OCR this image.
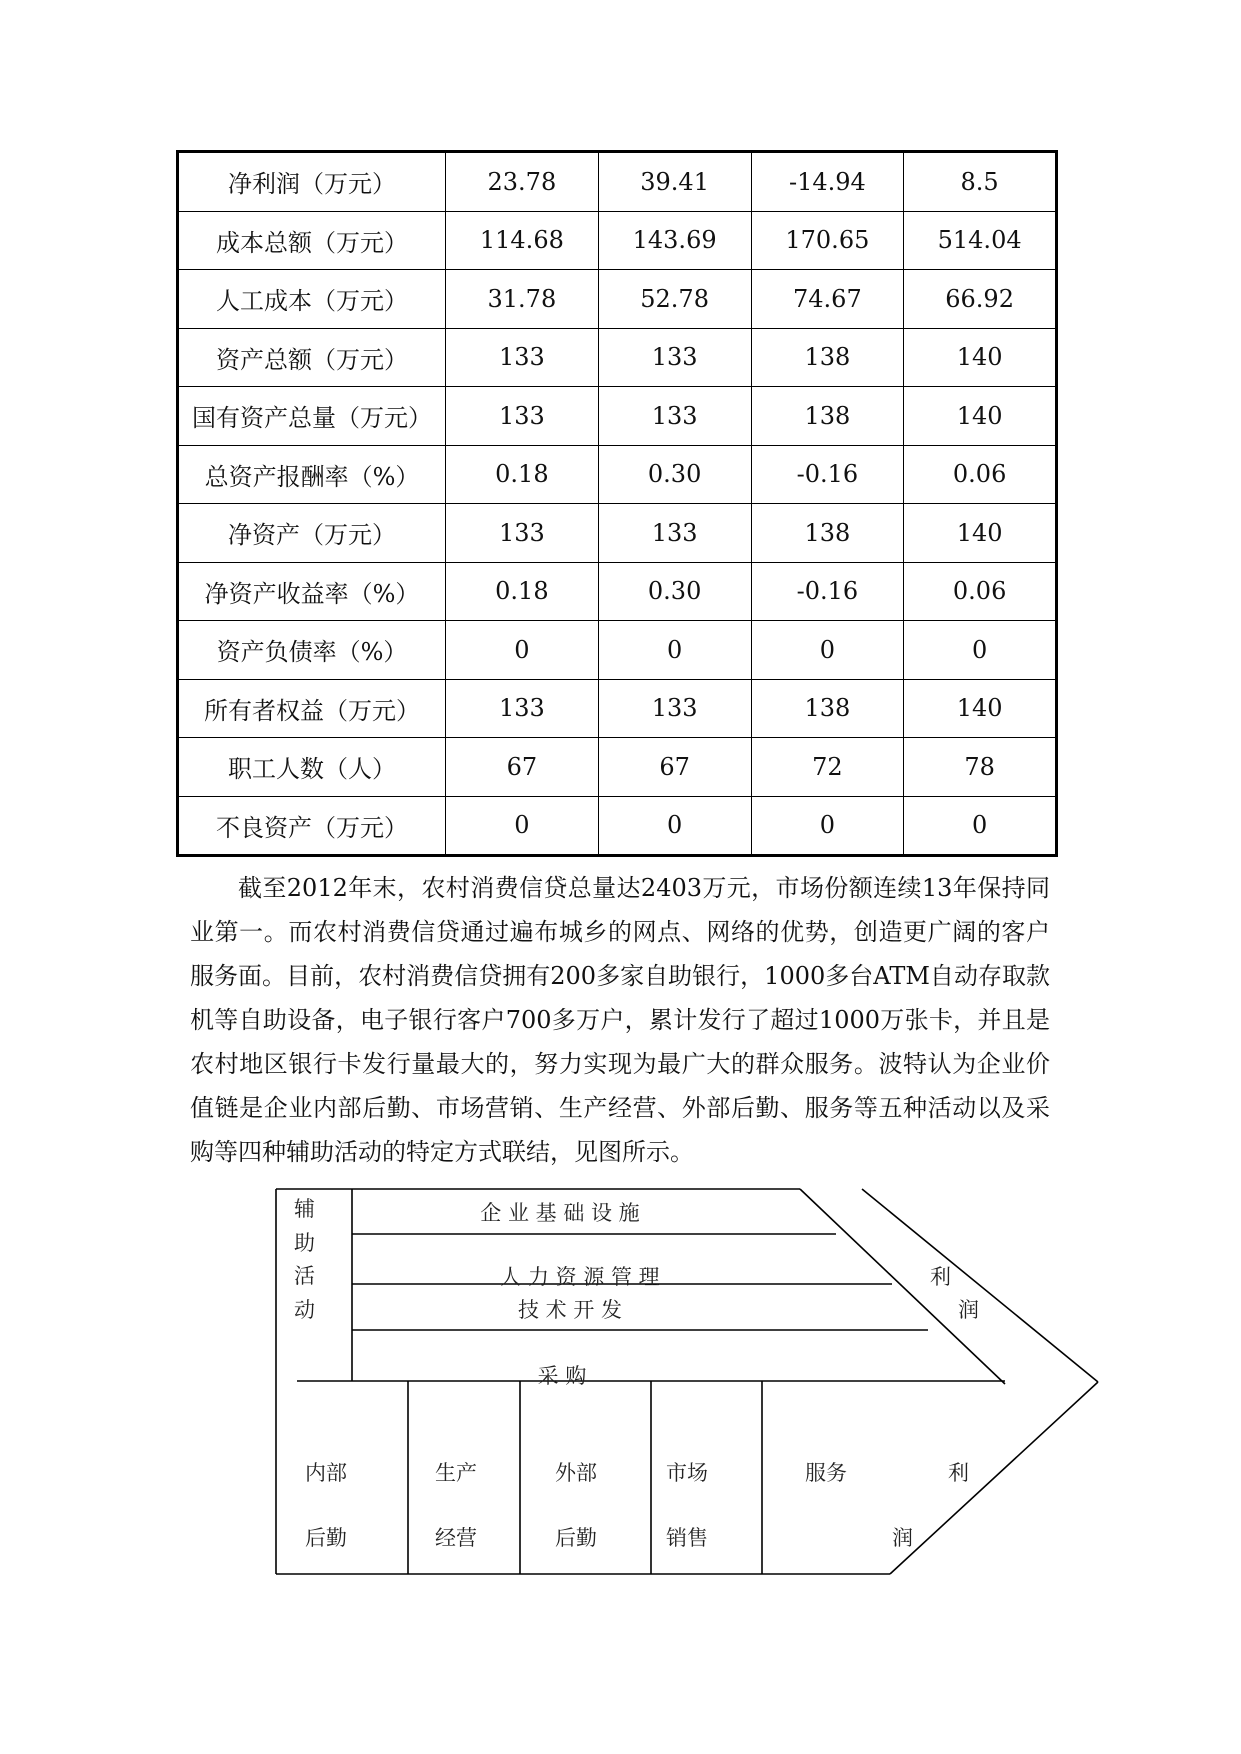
净利润（万元）	23.78	39.41	-14.94	8.5
成本总额（万元）	114.68	143.69	170.65	514.04
人工成本（万元）	31.78	52.78	74.67	66.92
资产总额（万元）	133	133	138	140
国有资产总量（万元）	133	133	138	140
总资产报酬率（%）	0.18	0.30	-0.16	0.06
净资产（万元）	133	133	138	140
净资产收益率（%）	0.18	0.30	-0.16	0.06
资产负债率（%）	0	0	0	0
所有者权益（万元）	133	133	138	140
职工人数（人）	67	67	72	78
不良资产（万元）	0	0	0	0

截至2012年末，农村消费信贷总量达2403万元，市场份额连续13年保持同业第一。而农村消费信贷通过遍布城乡的网点、网络的优势，创造更广阔的客户服务面。目前，农村消费信贷拥有200多家自助银行，1000多台ATM自动存取款机等自助设备，电子银行客户700多万户，累计发行了超过1000万张卡，并且是农村地区银行卡发行量最大的，努力实现为最广大的群众服务。波特认为企业价值链是企业内部后勤、市场营销、生产经营、外部后勤、服务等五种活动以及采购等四种辅助活动的特定方式联结，见图所示。

辅
助
活
动
企 业 基 础 设 施
人 力 资 源 管 理
技 术 开 发
采 购
利
润
内部
后勤
生产
经营
外部
后勤
市场
销售
服务	利
润
